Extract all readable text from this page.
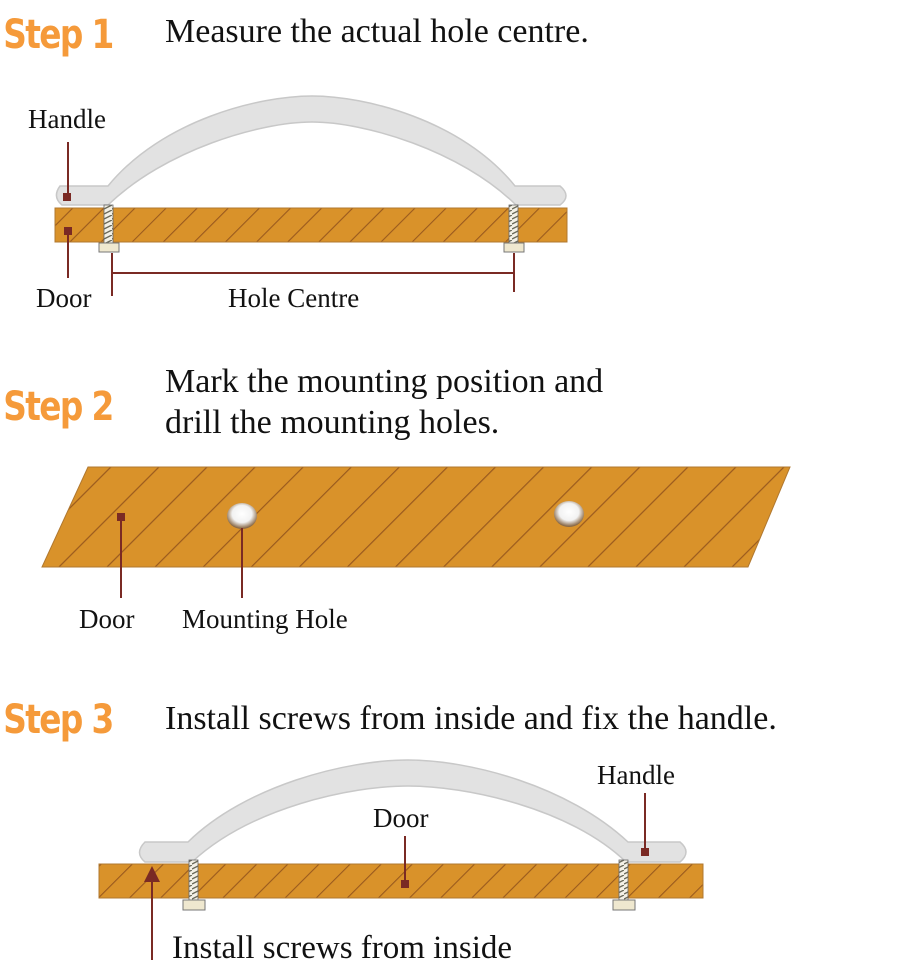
Step 1 Measure the actual hole centre.
Handle
Door	Hole Centre
Step 2
Mark the mounting position and
drill the mounting holes.
Door Mounting Hole
Step 3 Install screws from inside and fix the handle.
Handle
Door
Install screws from inside
